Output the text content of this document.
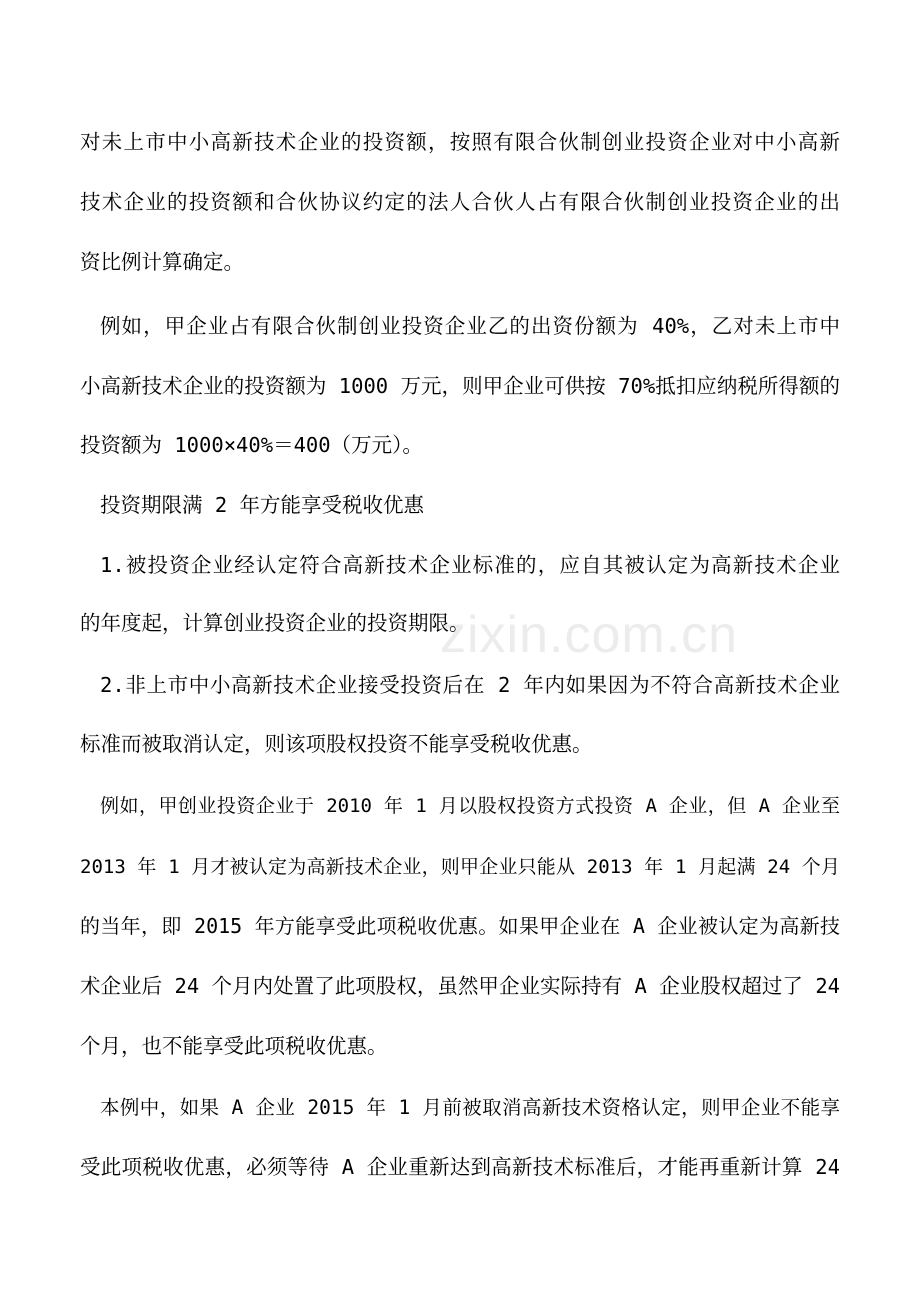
zixin.com.cn
对未上市中小高新技术企业的投资额，按照有限合伙制创业投资企业对中小高新
技术企业的投资额和合伙协议约定的法人合伙人占有限合伙制创业投资企业的出
资比例计算确定。
例如，甲企业占有限合伙制创业投资企业乙的出资份额为 40%，乙对未上市中
小高新技术企业的投资额为 1000 万元，则甲企业可供按 70%抵扣应纳税所得额的
投资额为 1000×40%＝400（万元）。
投资期限满 2 年方能享受税收优惠
1.被投资企业经认定符合高新技术企业标准的，应自其被认定为高新技术企业
的年度起，计算创业投资企业的投资期限。
2.非上市中小高新技术企业接受投资后在 2 年内如果因为不符合高新技术企业
标准而被取消认定，则该项股权投资不能享受税收优惠。
例如，甲创业投资企业于 2010 年 1 月以股权投资方式投资 A 企业，但 A 企业至
2013 年 1 月才被认定为高新技术企业，则甲企业只能从 2013 年 1 月起满 24 个月
的当年，即 2015 年方能享受此项税收优惠。如果甲企业在 A 企业被认定为高新技
术企业后 24 个月内处置了此项股权，虽然甲企业实际持有 A 企业股权超过了 24
个月，也不能享受此项税收优惠。
本例中，如果 A 企业 2015 年 1 月前被取消高新技术资格认定，则甲企业不能享
受此项税收优惠，必须等待 A 企业重新达到高新技术标准后，才能再重新计算 24
